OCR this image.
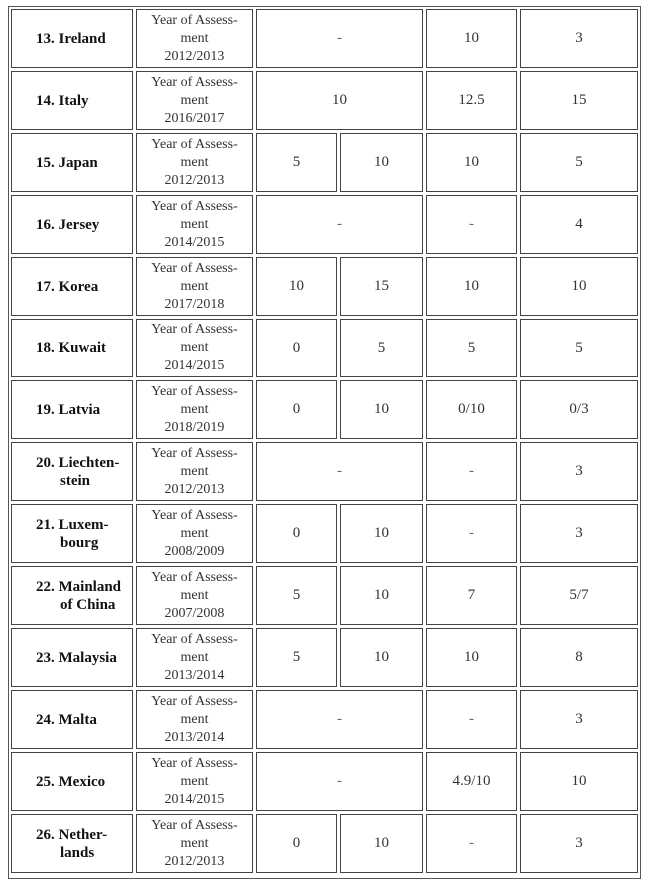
13. Ireland
Year of Assess-
ment
2012/2013
-	10	3
14. Italy
Year of Assess-
ment
2016/2017
10	12.5	15
15. Japan
Year of Assess-
ment
2012/2013
5	10	10	5
16. Jersey
Year of Assess-
ment
2014/2015
-	-	4
17. Korea
Year of Assess-
ment
2017/2018
10	15	10	10
18. Kuwait
Year of Assess-
ment
2014/2015
0	5	5	5
19. Latvia
Year of Assess-
ment
2018/2019
0	10	0/10	0/3
20. Liechten-
stein
Year of Assess-
ment
2012/2013
-	-	3
21. Luxem-
bourg
Year of Assess-
ment
2008/2009
0	10	-	3
22. Mainland
of China
Year of Assess-
ment
2007/2008
5	10	7	5/7
23. Malaysia
Year of Assess-
ment
2013/2014
5	10	10	8
24. Malta
Year of Assess-
ment
2013/2014
-	-	3
25. Mexico
Year of Assess-
ment
2014/2015
-	4.9/10	10
26. Nether-
lands
Year of Assess-
ment
2012/2013
0	10	-	3
